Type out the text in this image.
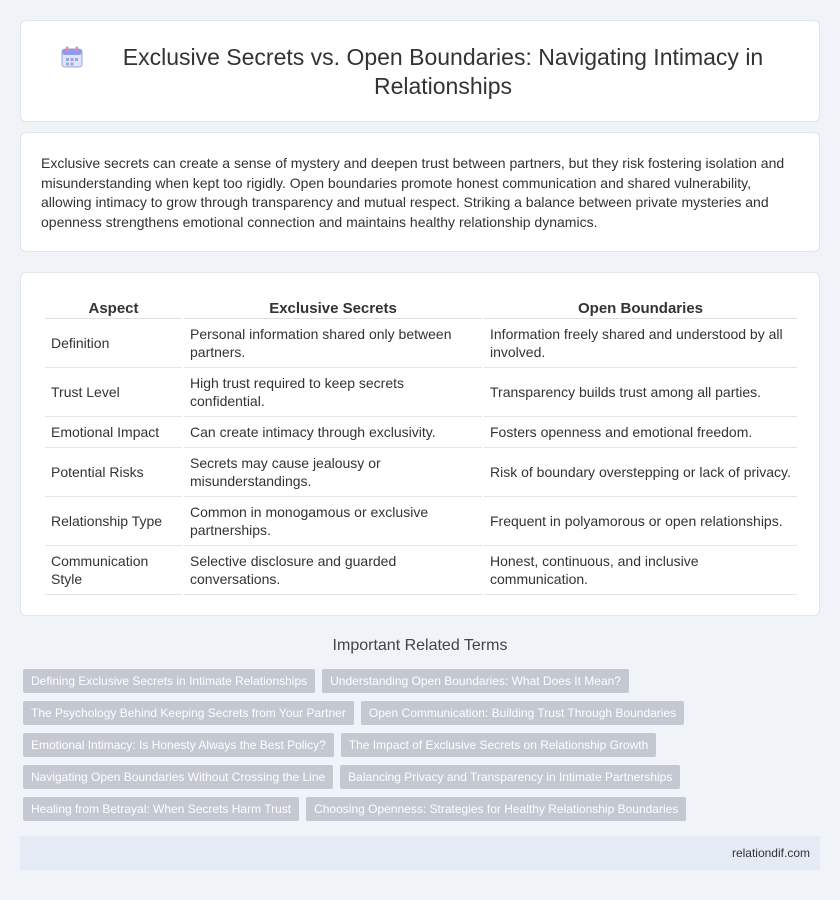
Exclusive Secrets vs. Open Boundaries: Navigating Intimacy in Relationships

Exclusive secrets can create a sense of mystery and deepen trust between partners, but they risk fostering isolation and misunderstanding when kept too rigidly. Open boundaries promote honest communication and shared vulnerability, allowing intimacy to grow through transparency and mutual respect. Striking a balance between private mysteries and openness strengthens emotional connection and maintains healthy relationship dynamics.

Aspect	Exclusive Secrets	Open Boundaries
Definition	Personal information shared only between partners.	Information freely shared and understood by all involved.
Trust Level	High trust required to keep secrets confidential.	Transparency builds trust among all parties.
Emotional Impact	Can create intimacy through exclusivity.	Fosters openness and emotional freedom.
Potential Risks	Secrets may cause jealousy or misunderstandings.	Risk of boundary overstepping or lack of privacy.
Relationship Type	Common in monogamous or exclusive partnerships.	Frequent in polyamorous or open relationships.
Communication Style	Selective disclosure and guarded conversations.	Honest, continuous, and inclusive communication.
Important Related Terms
Defining Exclusive Secrets in Intimate Relationships	Understanding Open Boundaries: What Does It Mean?
The Psychology Behind Keeping Secrets from Your Partner	Open Communication: Building Trust Through Boundaries
Emotional Intimacy: Is Honesty Always the Best Policy?	The Impact of Exclusive Secrets on Relationship Growth
Navigating Open Boundaries Without Crossing the Line	Balancing Privacy and Transparency in Intimate Partnerships
Healing from Betrayal: When Secrets Harm Trust	Choosing Openness: Strategies for Healthy Relationship Boundaries
relationdif.com
